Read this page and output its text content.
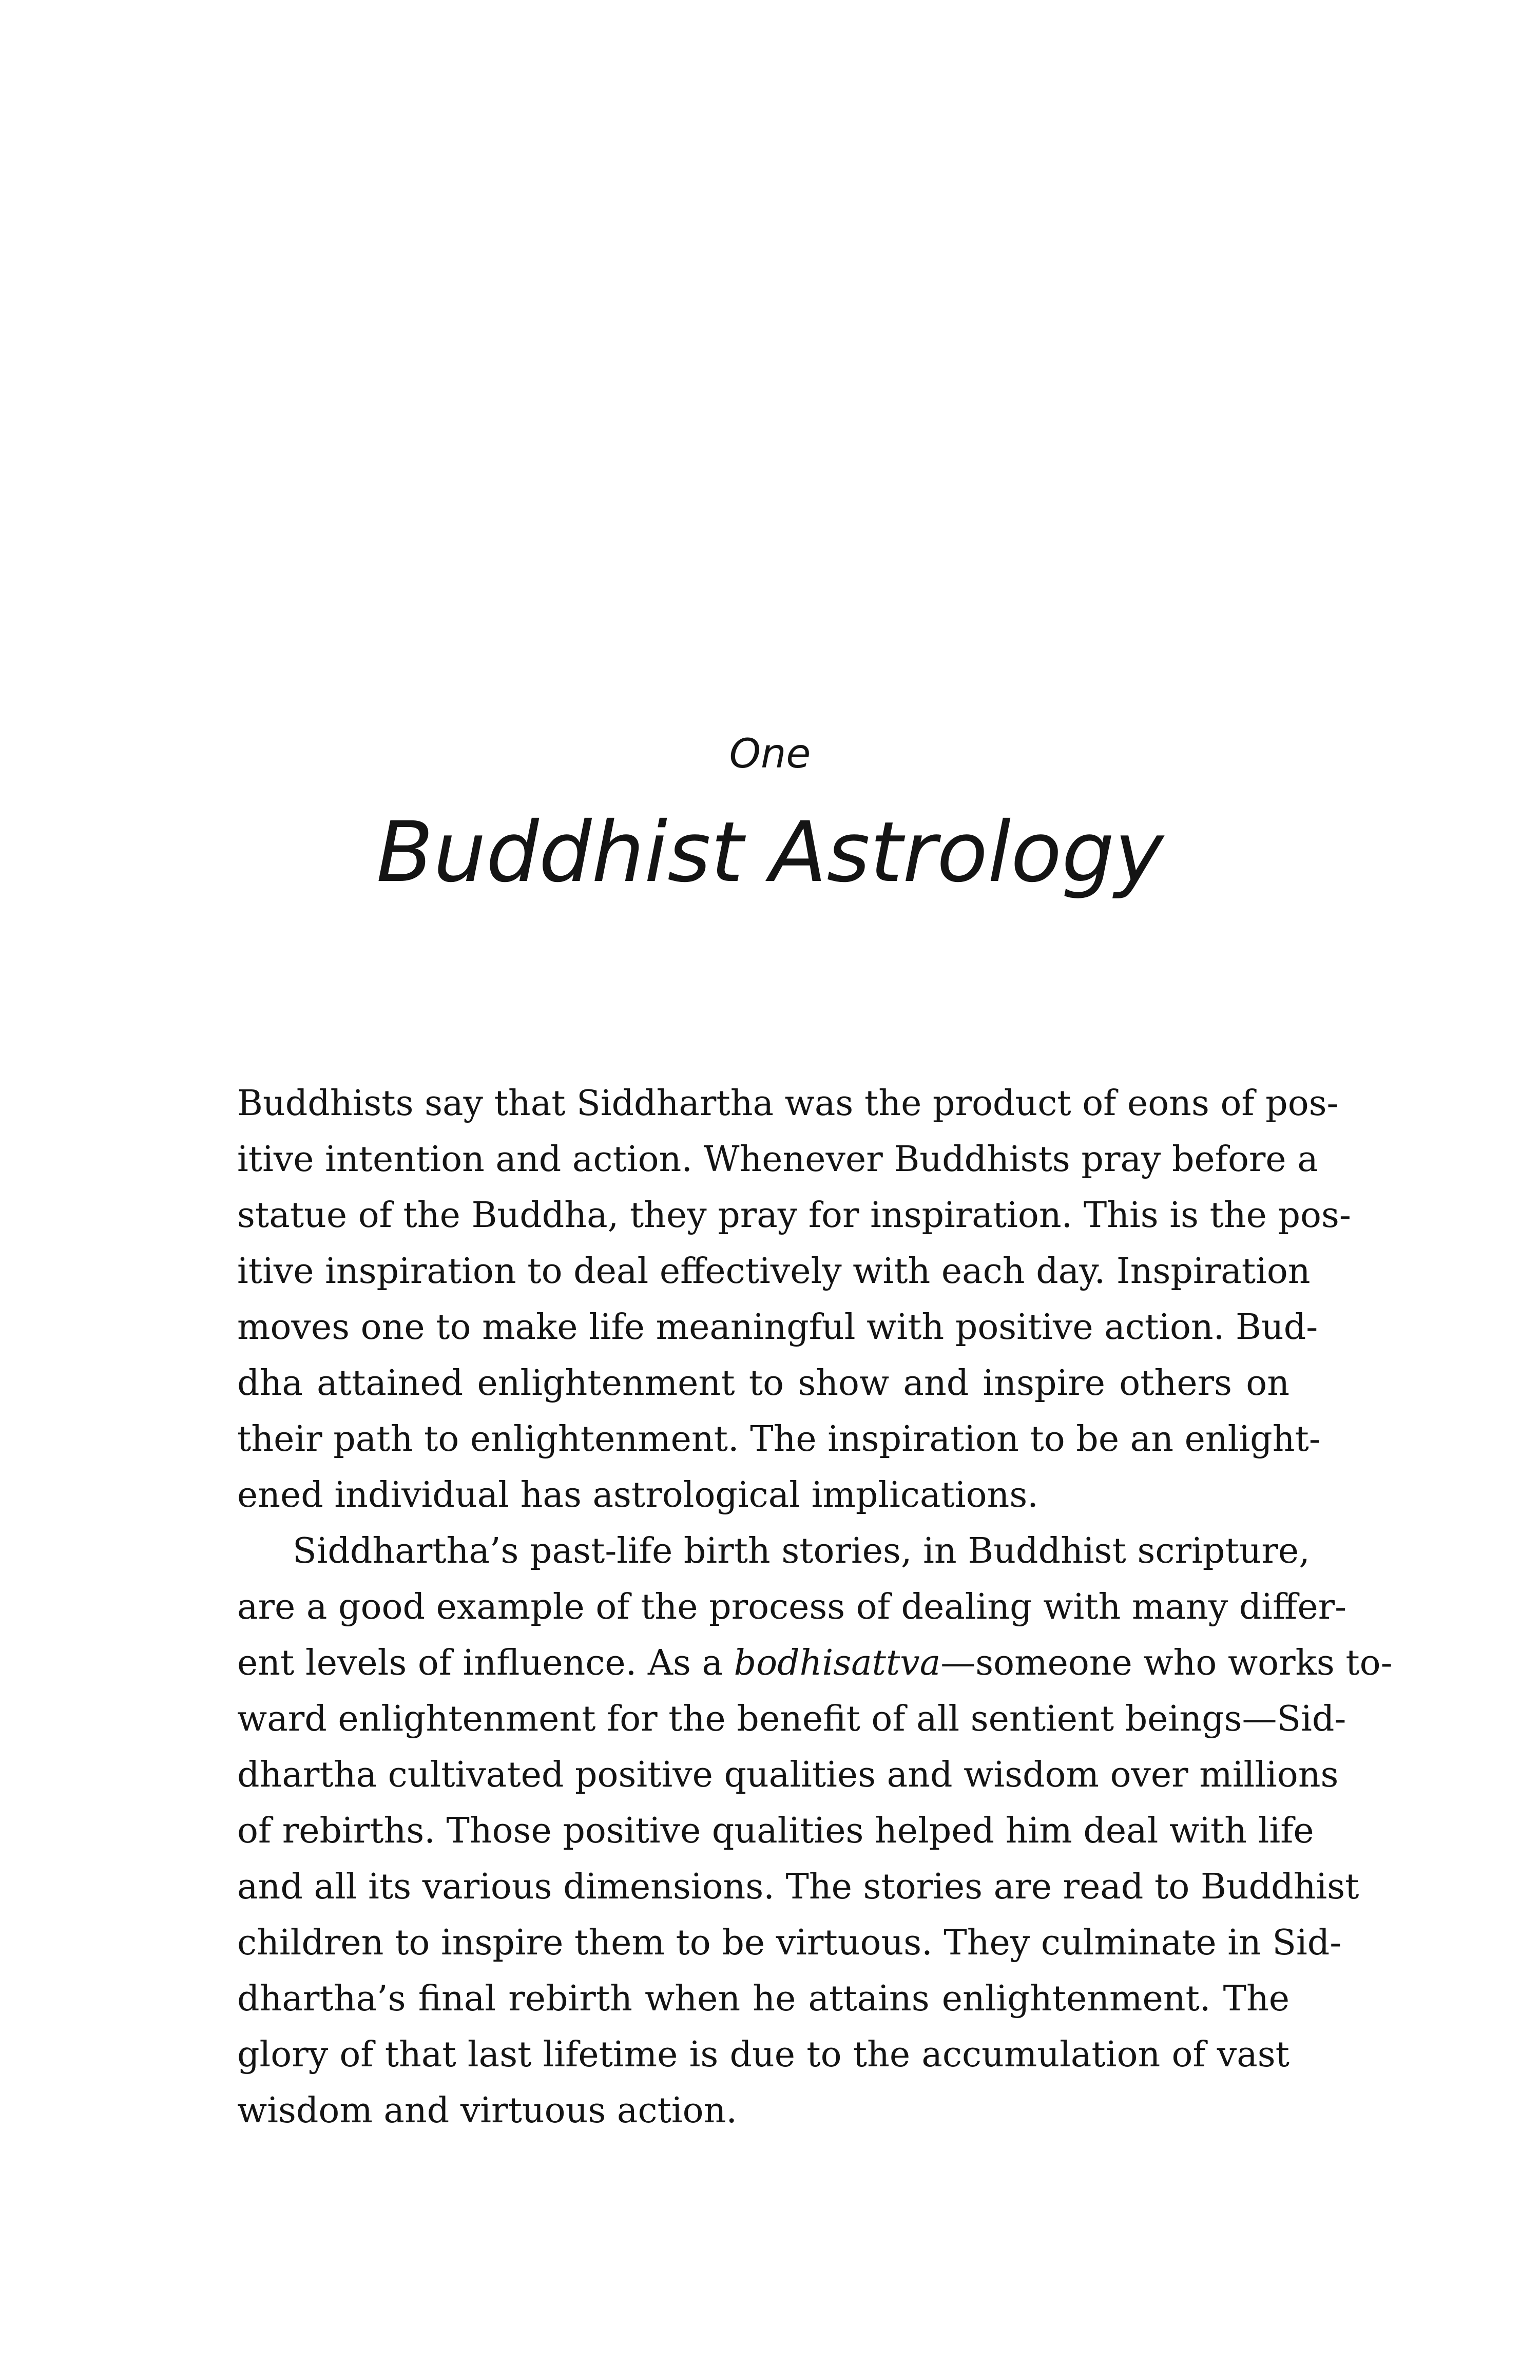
One
Buddhist Astrology
Buddhists say that Siddhartha was the product of eons of pos-
itive intention and action. Whenever Buddhists pray before a
statue of the Buddha, they pray for inspiration. This is the pos-
itive inspiration to deal effectively with each day. Inspiration
moves one to make life meaningful with positive action. Bud-
dha attained enlightenment to show and inspire others on
their path to enlightenment. The inspiration to be an enlight-
ened individual has astrological implications.
Siddhartha’s past-life birth stories, in Buddhist scripture,
are a good example of the process of dealing with many differ-
ent levels of influence. As a bodhisattva—someone who works to-
ward enlightenment for the benefit of all sentient beings—Sid-
dhartha cultivated positive qualities and wisdom over millions
of rebirths. Those positive qualities helped him deal with life
and all its various dimensions. The stories are read to Buddhist
children to inspire them to be virtuous. They culminate in Sid-
dhartha’s final rebirth when he attains enlightenment. The
glory of that last lifetime is due to the accumulation of vast
wisdom and virtuous action.
